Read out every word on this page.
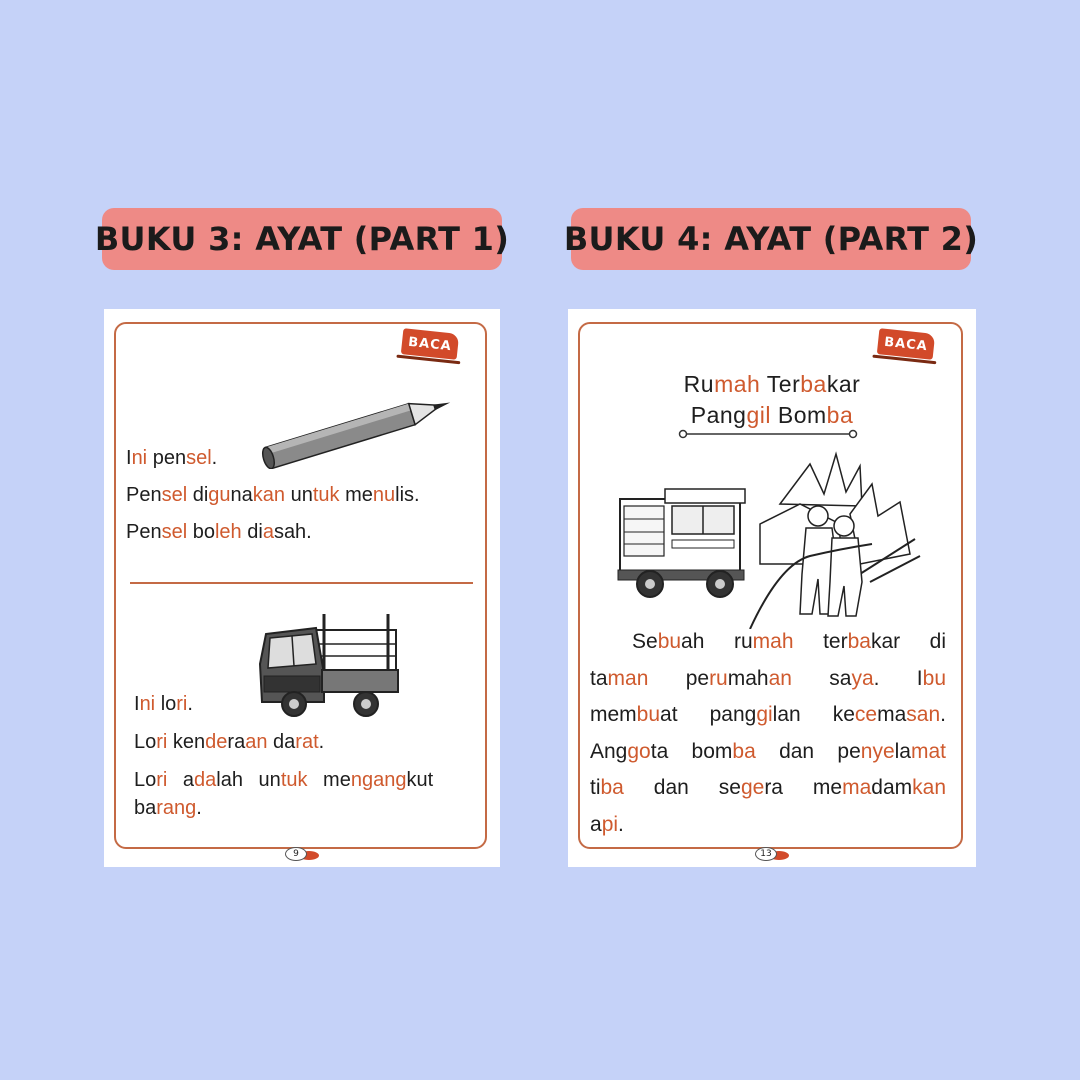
BUKU 3: AYAT (PART 1) BUKU 4: AYAT (PART 2)
BACA
Ini pensel.
Pensel digunakan untuk menulis.
Pensel boleh diasah.
Ini lori.
Lori kenderaan darat.
Lori adalah untuk mengangkut
barang.
9
BACA
Rumah Terbakar
Panggil Bomba
Sebuah rumah terbakar di
taman perumahan saya. Ibu
membuat panggilan kecemasan.
Anggota bomba dan penyelamat
tiba dan segera memadamkan
api.
13
